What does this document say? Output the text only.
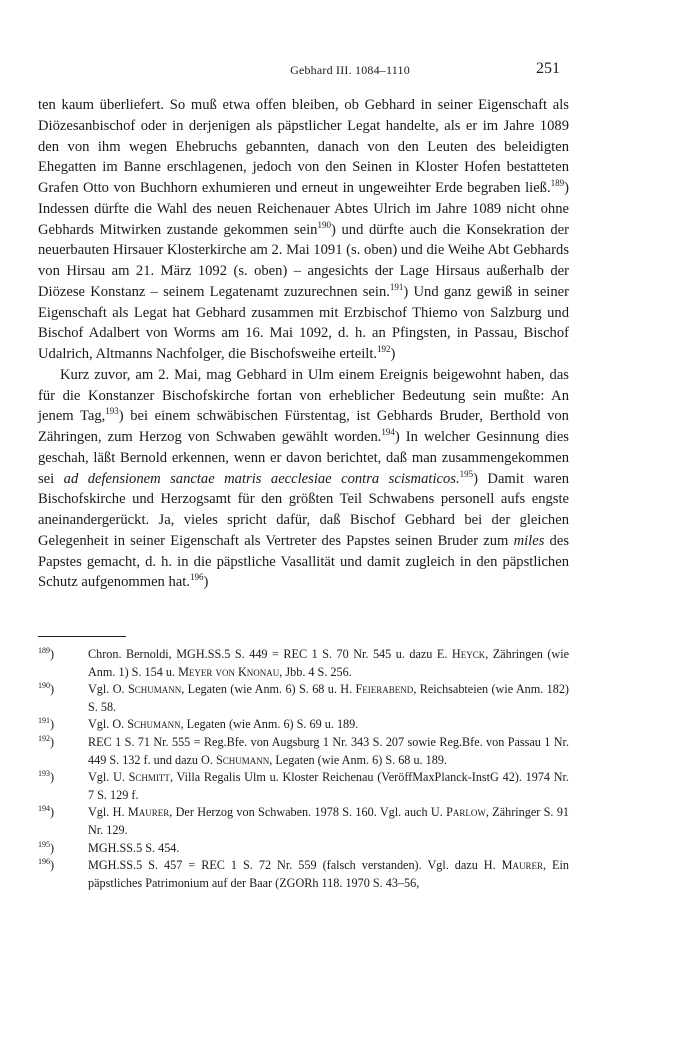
Gebhard III. 1084–1110	251

ten kaum überliefert. So muß etwa offen bleiben, ob Gebhard in seiner Eigenschaft als Diözesanbischof oder in derjenigen als päpstlicher Legat handelte, als er im Jahre 1089 den von ihm wegen Ehebruchs gebannten, danach von den Leuten des beleidigten Ehegatten im Banne erschlagenen, jedoch von den Seinen in Kloster Hofen bestatteten Grafen Otto von Buchhorn exhumieren und erneut in ungeweihter Erde begraben ließ.$^{189}$) Indessen dürfte die Wahl des neuen Reichenauer Abtes Ulrich im Jahre 1089 nicht ohne Gebhards Mitwirken zustande gekommen sein$^{190}$) und dürfte auch die Konsekration der neuerbauten Hirsauer Klosterkirche am 2. Mai 1091 (s. oben) und die Weihe Abt Gebhards von Hirsau am 21. März 1092 (s. oben) – angesichts der Lage Hirsaus außerhalb der Diözese Konstanz – seinem Legatenamt zuzurechnen sein.$^{191}$) Und ganz gewiß in seiner Eigenschaft als Legat hat Gebhard zusammen mit Erzbischof Thiemo von Salzburg und Bischof Adalbert von Worms am 16. Mai 1092, d. h. an Pfingsten, in Passau, Bischof Udalrich, Altmanns Nachfolger, die Bischofsweihe erteilt.$^{192}$)

Kurz zuvor, am 2. Mai, mag Gebhard in Ulm einem Ereignis beigewohnt haben, das für die Konstanzer Bischofskirche fortan von erheblicher Bedeutung sein mußte: An jenem Tag,$^{193}$) bei einem schwäbischen Fürstentag, ist Gebhards Bruder, Berthold von Zähringen, zum Herzog von Schwaben gewählt worden.$^{194}$) In welcher Gesinnung dies geschah, läßt Bernold erkennen, wenn er davon berichtet, daß man zusammengekommen sei ad defensionem sanctae matris aecclesiae contra scismaticos.$^{195}$) Damit waren Bischofskirche und Herzogsamt für den größten Teil Schwabens personell aufs engste aneinandergerückt. Ja, vieles spricht dafür, daß Bischof Gebhard bei der gleichen Gelegenheit in seiner Eigenschaft als Vertreter des Papstes seinen Bruder zum miles des Papstes gemacht, d. h. in die päpstliche Vasallität und damit zugleich in den päpstlichen Schutz aufgenommen hat.$^{196}$)

$^{189}$)	Chron. Bernoldi, MGH.SS.5 S. 449 = REC 1 S. 70 Nr. 545 u. dazu E. Heyck, Zähringen (wie Anm. 1) S. 154 u. Meyer von Knonau, Jbb. 4 S. 256.
$^{190}$)	Vgl. O. Schumann, Legaten (wie Anm. 6) S. 68 u. H. Feierabend, Reichsabteien (wie Anm. 182) S. 58.
$^{191}$)	Vgl. O. Schumann, Legaten (wie Anm. 6) S. 69 u. 189.
$^{192}$)	REC 1 S. 71 Nr. 555 = Reg.Bfe. von Augsburg 1 Nr. 343 S. 207 sowie Reg.Bfe. von Passau 1 Nr. 449 S. 132 f. und dazu O. Schumann, Legaten (wie Anm. 6) S. 68 u. 189.
$^{193}$)	Vgl. U. Schmitt, Villa Regalis Ulm u. Kloster Reichenau (VeröffMaxPlanck-InstG 42). 1974 Nr. 7 S. 129 f.
$^{194}$)	Vgl. H. Maurer, Der Herzog von Schwaben. 1978 S. 160. Vgl. auch U. Parlow, Zähringer S. 91 Nr. 129.
$^{195}$)	MGH.SS.5 S. 454.
$^{196}$)	MGH.SS.5 S. 457 = REC 1 S. 72 Nr. 559 (falsch verstanden). Vgl. dazu H. Maurer, Ein päpstliches Patrimonium auf der Baar (ZGORh 118. 1970 S. 43–56,
